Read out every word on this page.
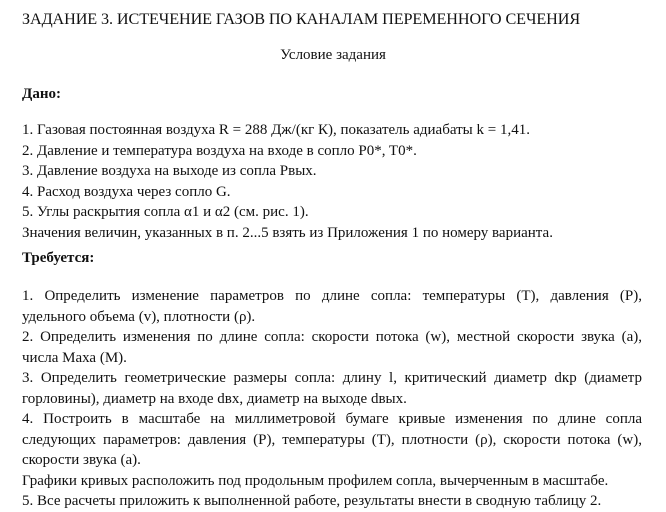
ЗАДАНИЕ 3. ИСТЕЧЕНИЕ ГАЗОВ ПО КАНАЛАМ ПЕРЕМЕННОГО СЕЧЕНИЯ
Условие задания
Дано:
1. Газовая постоянная воздуха R = 288 Дж/(кг К), показатель адиабаты k = 1,41.
2. Давление и температура воздуха на входе в сопло P0*, T0*.
3. Давление воздуха на выходе из сопла Pвых.
4. Расход воздуха через сопло G.
5. Углы раскрытия сопла α1 и α2 (см. рис. 1).
Значения величин, указанных в п. 2...5 взять из Приложения 1 по номеру варианта.
Требуется:
1. Определить изменение параметров по длине сопла: температуры (Т), давления (Р),
удельного объема (v), плотности (ρ).
2. Определить изменения по длине сопла: скорости потока (w), местной скорости звука (a),
числа Маха (М).
3. Определить геометрические размеры сопла: длину l, критический диаметр dкр (диаметр
горловины), диаметр на входе dвх, диаметр на выходе dвых.
4. Построить в масштабе на миллиметровой бумаге кривые изменения по длине сопла
следующих параметров: давления (Р), температуры (Т), плотности (ρ), скорости потока (w),
скорости звука (a).
Графики кривых расположить под продольным профилем сопла, вычерченным в масштабе.
5. Все расчеты приложить к выполненной работе, результаты внести в сводную таблицу 2.
